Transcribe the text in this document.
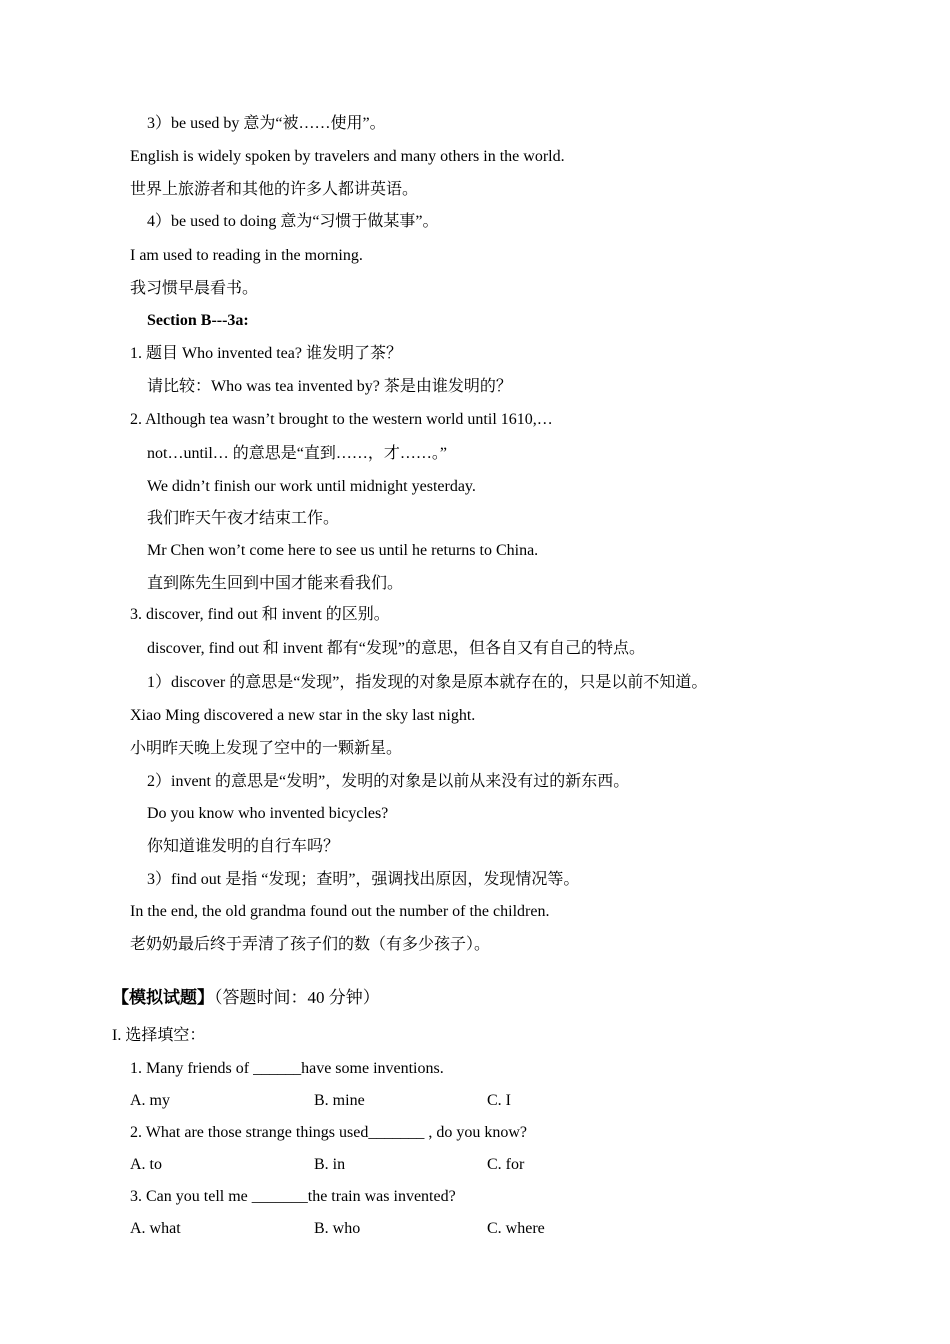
3）be used by 意为“被……使用”。
English is widely spoken by travelers and many others in the world.
世界上旅游者和其他的许多人都讲英语。
4）be used to doing 意为“习惯于做某事”。
I am used to reading in the morning.
我习惯早晨看书。
Section B---3a:
1. 题目 Who invented tea? 谁发明了茶？
请比较：Who was tea invented by? 茶是由谁发明的？
2. Although tea wasn’t brought to the western world until 1610,…
not…until… 的意思是“直到……，才……。”
We didn’t finish our work until midnight yesterday.
我们昨天午夜才结束工作。
Mr Chen won’t come here to see us until he returns to China.
直到陈先生回到中国才能来看我们。
3. discover, find out 和 invent 的区别。
discover, find out 和 invent 都有“发现”的意思，但各自又有自己的特点。
1）discover 的意思是“发现”，指发现的对象是原本就存在的，只是以前不知道。
Xiao Ming discovered a new star in the sky last night.
小明昨天晚上发现了空中的一颗新星。
2）invent 的意思是“发明”，发明的对象是以前从来没有过的新东西。
Do you know who invented bicycles?
你知道谁发明的自行车吗？
3）find out 是指 “发现；查明”，强调找出原因，发现情况等。
In the end, the old grandma found out the number of the children.
老奶奶最后终于弄清了孩子们的数（有多少孩子）。
【模拟试题】（答题时间：40 分钟）
I. 选择填空：
1. Many friends of ______have some inventions.
A. my	B. mine	C. I
2. What are those strange things used_______ , do you know?
A. to	B. in	C. for
3. Can you tell me _______the train was invented?
A. what	B. who	C. where
